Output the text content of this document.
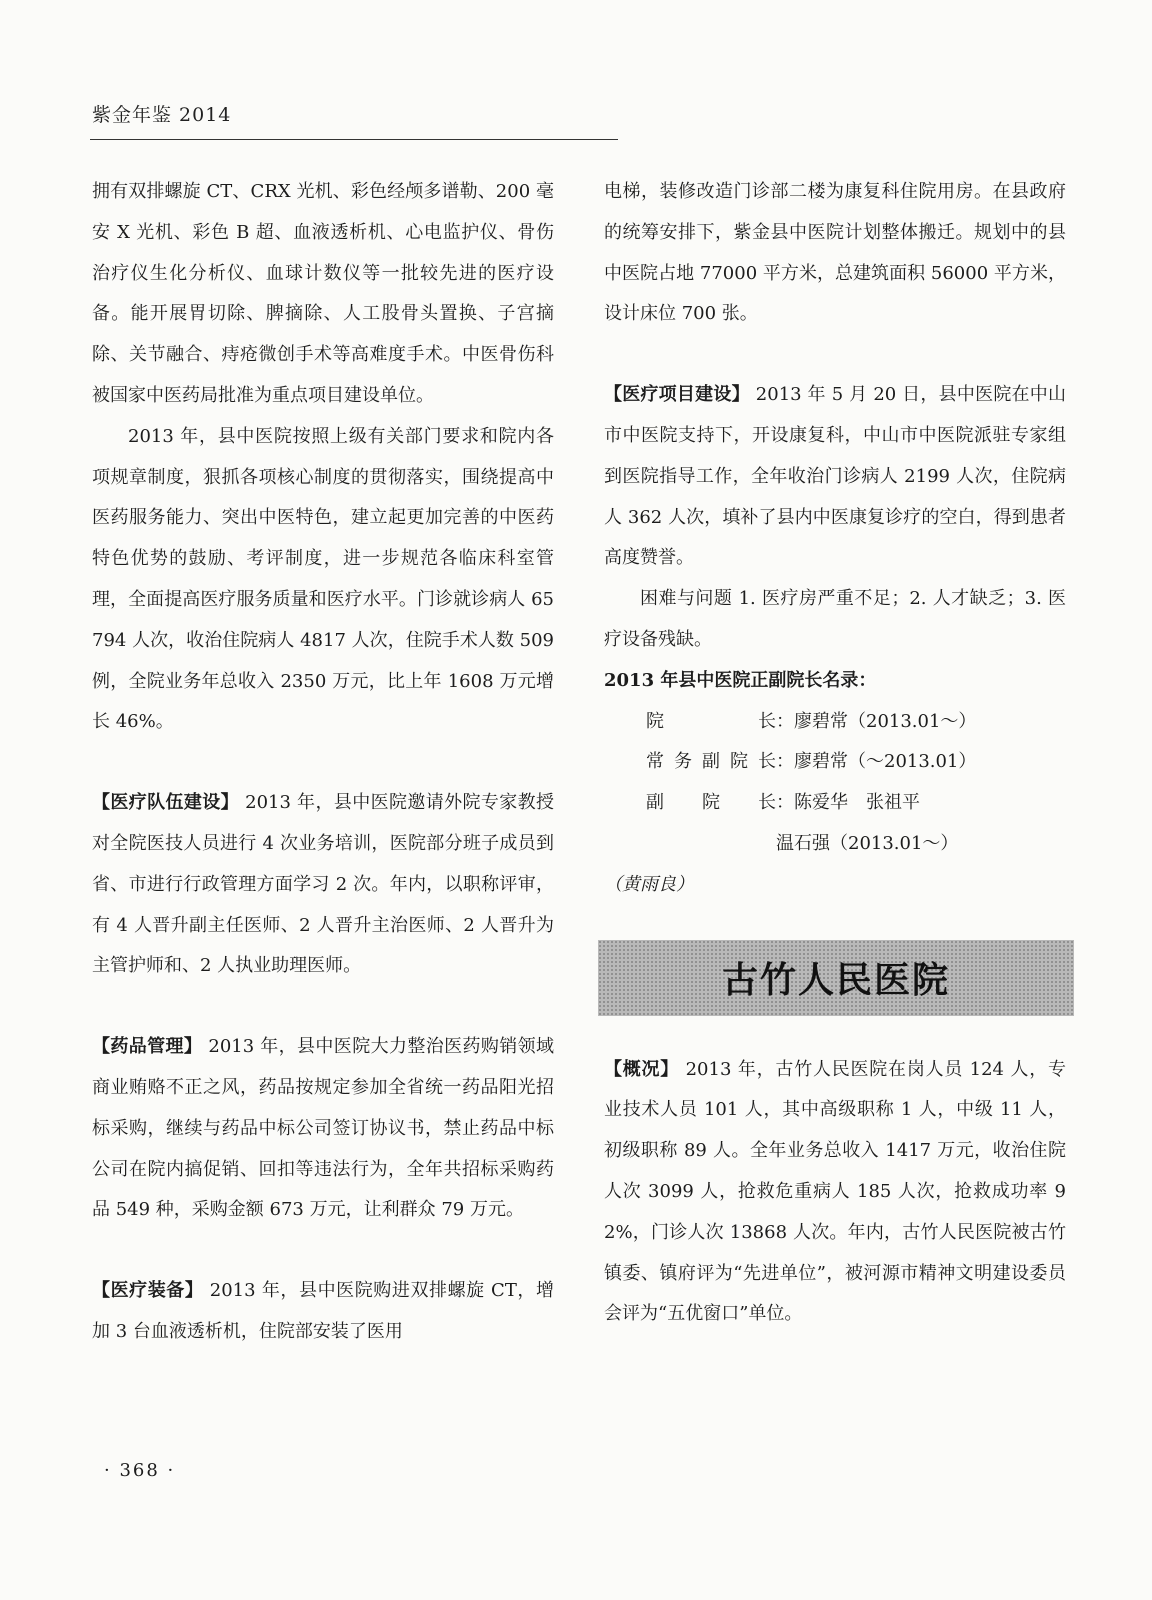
紫金年鉴 2014

拥有双排螺旋 CT、CRX 光机、彩色经颅多谱勒、200 毫安 X 光机、彩色 B 超、血液透析机、心电监护仪、骨伤治疗仪生化分析仪、血球计数仪等一批较先进的医疗设备。能开展胃切除、脾摘除、人工股骨头置换、子宫摘除、关节融合、痔疮微创手术等高难度手术。中医骨伤科被国家中医药局批准为重点项目建设单位。

2013 年，县中医院按照上级有关部门要求和院内各项规章制度，狠抓各项核心制度的贯彻落实，围绕提高中医药服务能力、突出中医特色，建立起更加完善的中医药特色优势的鼓励、考评制度，进一步规范各临床科室管理，全面提高医疗服务质量和医疗水平。门诊就诊病人 65794 人次，收治住院病人 4817 人次，住院手术人数 509 例，全院业务年总收入 2350 万元，比上年 1608 万元增长 46%。

【医疗队伍建设】 2013 年，县中医院邀请外院专家教授对全院医技人员进行 4 次业务培训，医院部分班子成员到省、市进行行政管理方面学习 2 次。年内，以职称评审，有 4 人晋升副主任医师、2 人晋升主治医师、2 人晋升为主管护师和、2 人执业助理医师。

【药品管理】 2013 年，县中医院大力整治医药购销领域商业贿赂不正之风，药品按规定参加全省统一药品阳光招标采购，继续与药品中标公司签订协议书，禁止药品中标公司在院内搞促销、回扣等违法行为，全年共招标采购药品 549 种，采购金额 673 万元，让利群众 79 万元。

【医疗装备】 2013 年，县中医院购进双排螺旋 CT，增加 3 台血液透析机，住院部安装了医用

电梯，装修改造门诊部二楼为康复科住院用房。在县政府的统筹安排下，紫金县中医院计划整体搬迁。规划中的县中医院占地 77000 平方米，总建筑面积 56000 平方米，设计床位 700 张。

【医疗项目建设】 2013 年 5 月 20 日，县中医院在中山市中医院支持下，开设康复科，中山市中医院派驻专家组到医院指导工作，全年收治门诊病人 2199 人次，住院病人 362 人次，填补了县内中医康复诊疗的空白，得到患者高度赞誉。

困难与问题 1. 医疗房严重不足；2. 人才缺乏；3. 医疗设备残缺。

2013 年县中医院正副院长名录：

院长：廖碧常（2013.01～）

常务副院长：廖碧常（～2013.01）

副院长：陈爱华　张祖平

温石强（2013.01～）

（黄雨良）

古竹人民医院

【概况】 2013 年，古竹人民医院在岗人员 124 人，专业技术人员 101 人，其中高级职称 1 人，中级 11 人，初级职称 89 人。全年业务总收入 1417 万元，收治住院人次 3099 人，抢救危重病人 185 人次，抢救成功率 92%，门诊人次 13868 人次。年内，古竹人民医院被古竹镇委、镇府评为“先进单位”，被河源市精神文明建设委员会评为“五优窗口”单位。

· 368 ·
